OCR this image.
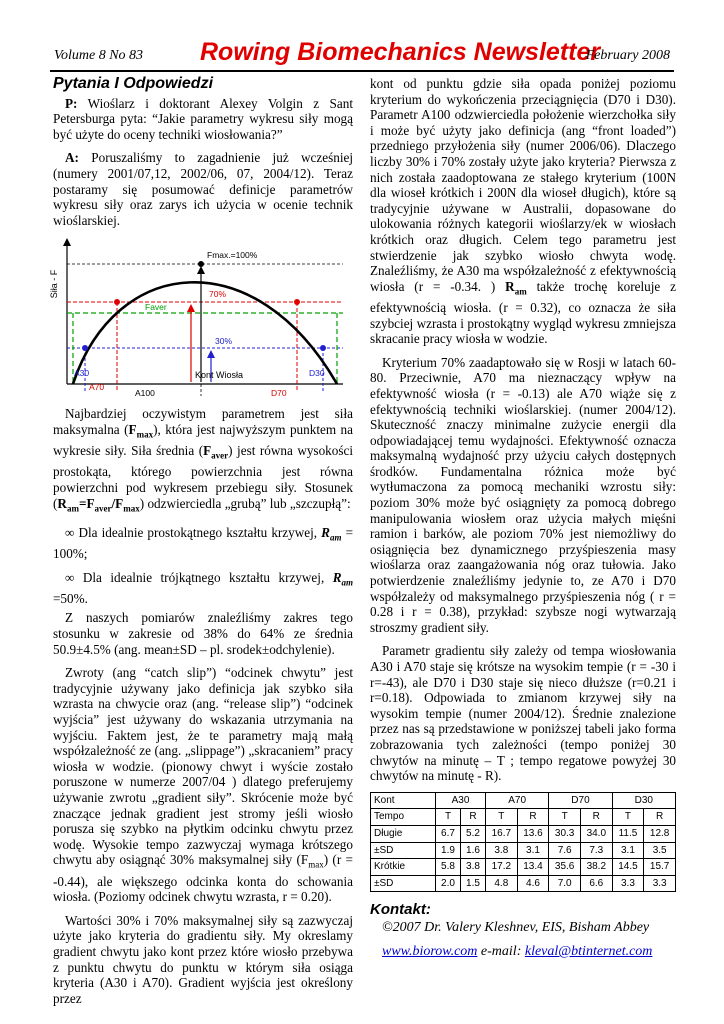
Volume 8 No 83 Rowing Biomechanics Newsletter
February 2008
Pytania I Odpowiedzi

P: Wioślarz i doktorant Alexey Volgin z Sant Petersburga pyta: “Jakie parametry wykresu siły mogą być użyte do oceny techniki wiosłowania?”

A: Poruszaliśmy to zagadnienie już wcześniej (numery 2001/07,12, 2002/06, 07, 2004/12). Teraz postaramy się posumować definicje parametrów wykresu siły oraz zarys ich użycia w ocenie technik wioślarskiej.

Siła - F
Fmax.=100%
70%
Faver
30%
A30
A70
A100
Kont Wiosła
D70
D30

Najbardziej oczywistym parametrem jest siła maksymalna $(F_{max})$, która jest najwyższym punktem na wykresie siły. Siła średnia $(F_{aver})$ jest równa wysokości prostokąta, którego powierzchnia jest równa powierzchni pod wykresem przebiegu siły. Stosunek $(R_{am}=F_{aver}/F_{max})$ odzwierciedla „grubą” lub „szczupłą”:

∞ Dla idealnie prostokątnego kształtu krzywej, $R_{am} = 100\%$;

∞ Dla idealnie trójkątnego kształtu krzywej, $R_{am} =50\%$.

Z naszych pomiarów znaleźliśmy zakres tego stosunku w zakresie od 38% do 64% ze średnia 50.9±4.5% (ang. mean±SD – pl. srodek±odchylenie).

Zwroty (ang “catch slip”) “odcinek chwytu” jest tradycyjnie używany jako definicja jak szybko siła wzrasta na chwycie oraz (ang. “release slip”) “odcinek wyjścia” jest używany do wskazania utrzymania na wyjściu. Faktem jest, że te parametry mają małą współzależność ze (ang. „slippage”) „skracaniem” pracy wiosła w wodzie. (pionowy chwyt i wyście zostało poruszone w numerze 2007/04 ) dlatego preferujemy używanie zwrotu „gradient siły”. Skrócenie może być znaczące jednak gradient jest stromy jeśli wiosło porusza się szybko na płytkim odcinku chwytu przez wodę. Wysokie tempo zazwyczaj wymaga krótszego chwytu aby osiągnąć 30% maksymalnej siły $(F_{max}) (r = -0.44)$, ale większego odcinka konta do schowania wiosła. (Poziomy odcinek chwytu wzrasta, r = 0.20).

Wartości 30% i 70% maksymalnej siły są zazwyczaj użyte jako kryteria do gradientu siły. My okreslamy gradient chwytu jako kont przez które wiosło przebywa z punktu chwytu do punktu w którym siła osiąga kryteria (A30 i A70). Gradient wyjścia jest określony przez

kont od punktu gdzie siła opada poniżej poziomu kryterium do wykończenia przeciągnięcia (D70 i D30). Parametr A100 odzwierciedla położenie wierzchołka siły i może być użyty jako definicja (ang “front loaded”) przedniego przyłożenia siły (numer 2006/06). Dlaczego liczby 30% i 70% zostały użyte jako kryteria? Pierwsza z nich została zaadoptowana ze stałego kryterium (100N dla wioseł krótkich i 200N dla wioseł długich), które są tradycyjnie używane w Australii, dopasowane do ulokowania różnych kategorii wioślarzy/ek w wiosłach krótkich oraz długich. Celem tego parametru jest stwierdzenie jak szybko wiosło chwyta wodę. Znaleźliśmy, że A30 ma współzależność z efektywnością wiosła (r = -0.34. ) $R_{am}$ także trochę koreluje z efektywnością wiosła. (r = 0.32), co oznacza że siła szybciej wzrasta i prostokątny wygląd wykresu zmniejsza skracanie pracy wiosła w wodzie.

Kryterium 70% zaadaptowało się w Rosji w latach 60-80. Przeciwnie, A70 ma nieznaczący wpływ na efektywność wiosła (r = -0.13) ale A70 wiąże się z efektywnością techniki wioślarskiej. (numer 2004/12). Skuteczność znaczy minimalne zużycie energii dla odpowiadającej temu wydajności. Efektywność oznacza maksymalną wydajność przy użyciu całych dostępnych środków. Fundamentalna różnica może być wytłumaczona za pomocą mechaniki wzrostu siły: poziom 30% może być osiągnięty za pomocą dobrego manipulowania wiosłem oraz użycia małych mięśni ramion i barków, ale poziom 70% jest niemożliwy do osiągnięcia bez dynamicznego przyśpieszenia masy wioślarza oraz zaangażowania nóg oraz tułowia. Jako potwierdzenie znaleźliśmy jedynie to, ze A70 i D70 współzależy od maksymalnego przyśpieszenia nóg ( r = 0.28 i r = 0.38), przykład: szybsze nogi wytwarzają stroszmy gradient siły.

Parametr gradientu siły zależy od tempa wiosłowania A30 i A70 staje się krótsze na wysokim tempie (r = -30 i r=-43), ale D70 i D30 staje się nieco dłuższe (r=0.21 i r=0.18). Odpowiada to zmianom krzywej siły na wysokim tempie (numer 2004/12). Średnie znalezione przez nas są przedstawione w poniższej tabeli jako forma zobrazowania tych zależności (tempo poniżej 30 chwytów na minutę – T ; tempo regatowe powyżej 30 chwytów na minutę - R).

Kont	A30		A70		D70		D30	
Tempo	T	R	T	R	T	R	T	R
Długie	6.7	5.2	16.7	13.6	30.3	34.0	11.5	12.8
±SD	1.9	1.6	3.8	3.1	7.6	7.3	3.1	3.5
Krótkie	5.8	3.8	17.2	13.4	35.6	38.2	14.5	15.7
±SD	2.0	1.5	4.8	4.6	7.0	6.6	3.3	3.3
Kontakt:

©2007 Dr. Valery Kleshnev, EIS, Bisham Abbey

www.biorow.com e-mail: kleval@btinternet.com
